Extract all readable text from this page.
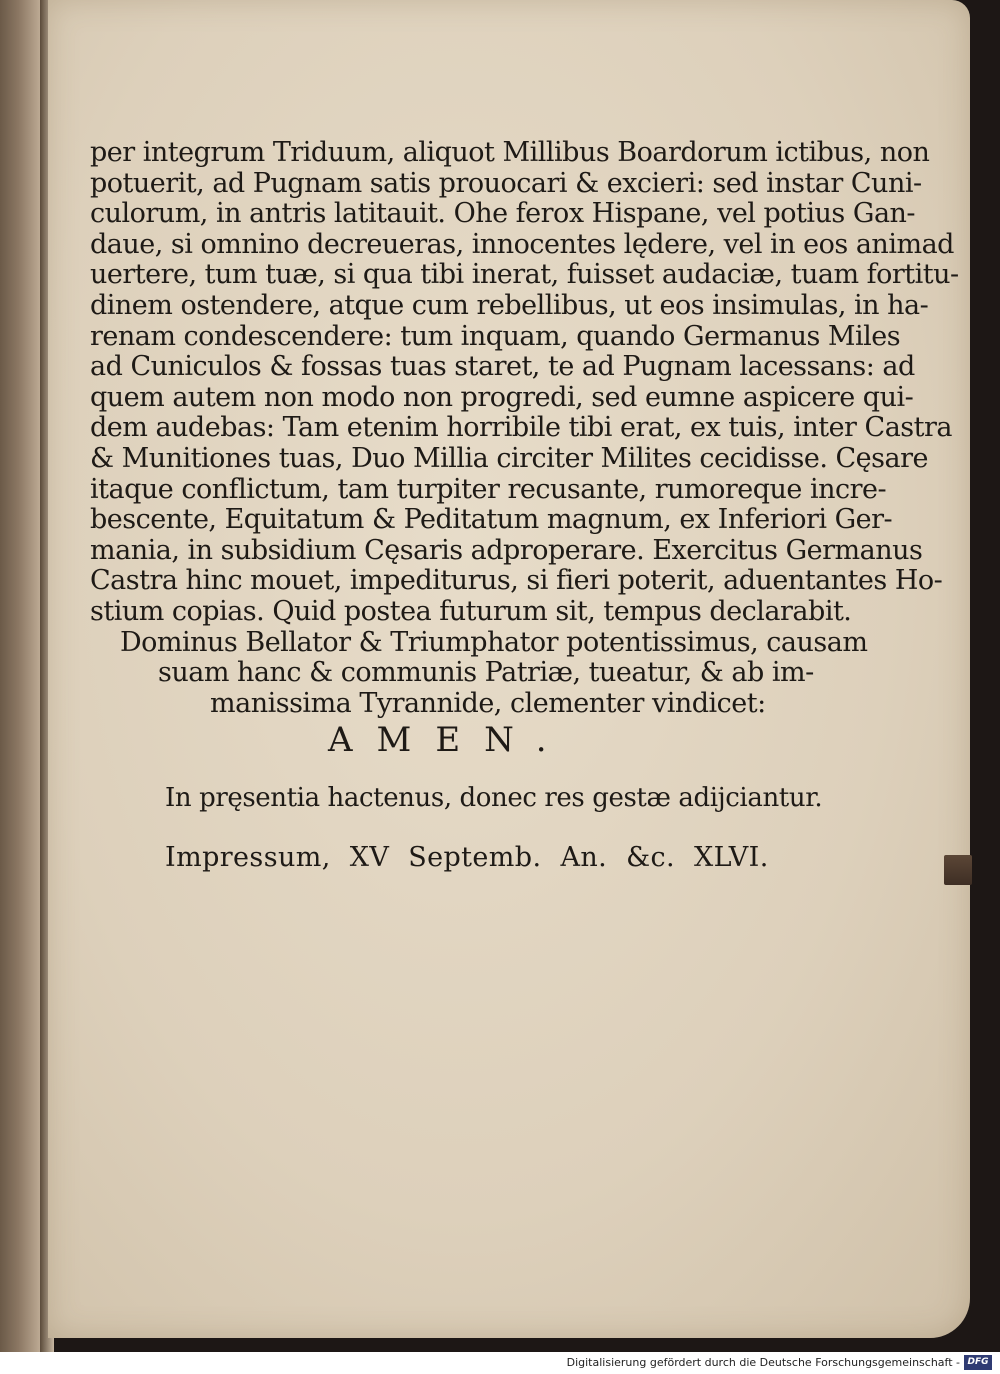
per integrum Triduum, aliquot Millibus Boardorum ictibus, non
potuerit, ad Pugnam satis prouocari & excieri: sed instar Cuni-
culorum, in antris latitauit. Ohe ferox Hispane, vel potius Gan-
daue, si omnino decreueras, innocentes lędere, vel in eos animad
uertere, tum tuæ, si qua tibi inerat, fuisset audaciæ, tuam fortitu-
dinem ostendere, atque cum rebellibus, ut eos insimulas, in ha-
renam condescendere: tum inquam, quando Germanus Miles
ad Cuniculos & fossas tuas staret, te ad Pugnam lacessans: ad
quem autem non modo non progredi, sed eumne aspicere qui-
dem audebas: Tam etenim horribile tibi erat, ex tuis, inter Castra
& Munitiones tuas, Duo Millia circiter Milites cecidisse. Cęsare
itaque conflictum, tam turpiter recusante, rumoreque incre-
bescente, Equitatum & Peditatum magnum, ex Inferiori Ger-
mania, in subsidium Cęsaris adproperare. Exercitus Germanus
Castra hinc mouet, impediturus, si fieri poterit, aduentantes Ho-
stium copias. Quid postea futurum sit, tempus declarabit.
Dominus Bellator & Triumphator potentissimus, causam
suam hanc & communis Patriæ, tueatur, & ab im-
manissima Tyrannide, clementer vindicet:
AMEN.
In pręsentia hactenus, donec res gestæ adijciantur.
Impressum, XV Septemb. An. &c. XLVI.
Digitalisierung gefördert durch die Deutsche Forschungsgemeinschaft - DFG
